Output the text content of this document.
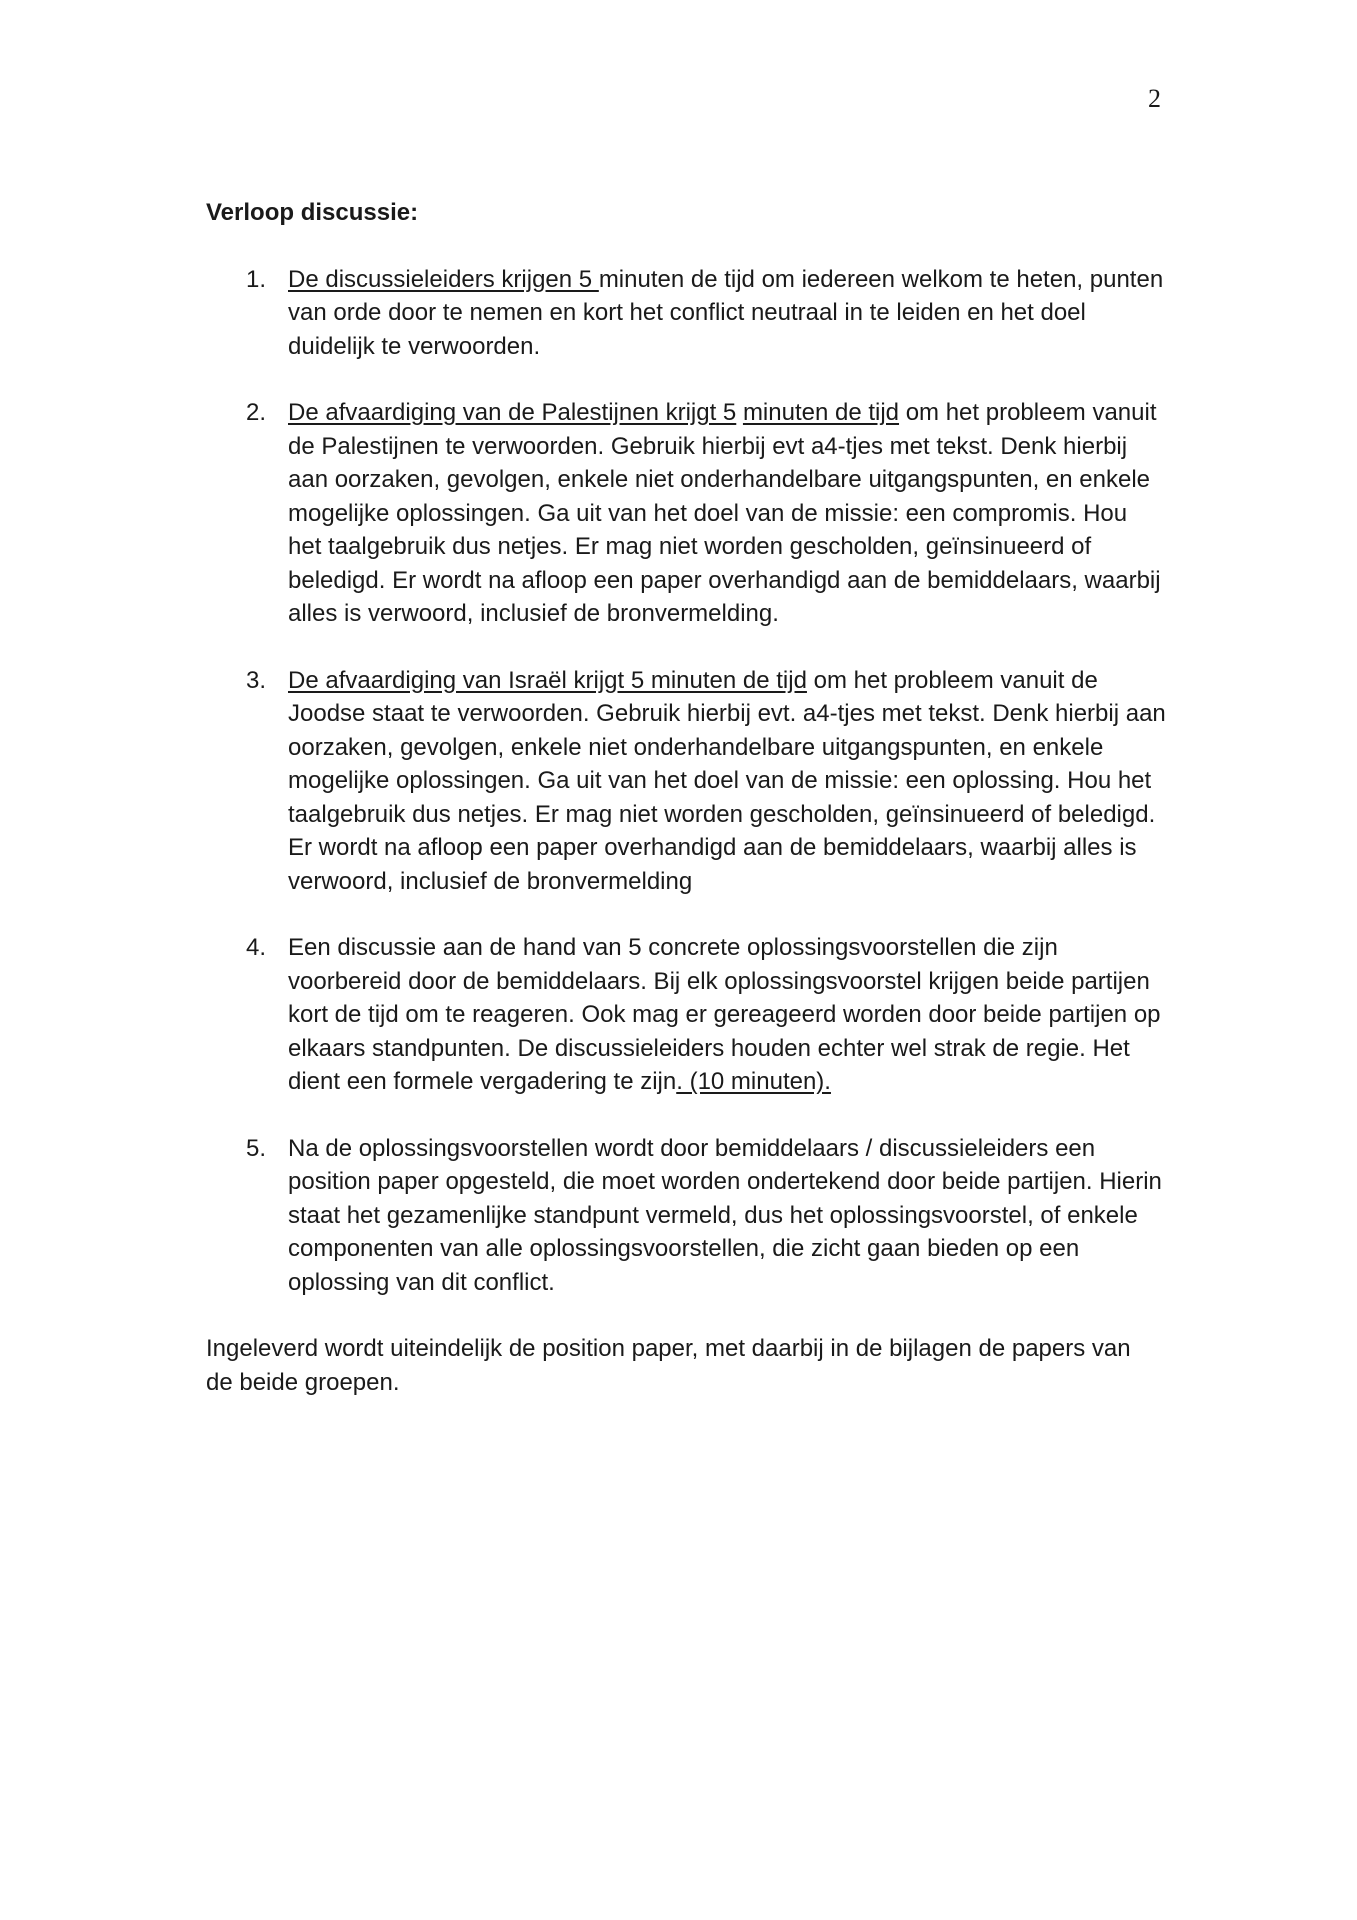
2

Verloop discussie:

1. De discussieleiders krijgen 5 minuten de tijd om iedereen welkom te heten, punten van orde door te nemen en kort het conflict neutraal in te leiden en het doel duidelijk te verwoorden.
2. De afvaardiging van de Palestijnen krijgt 5 minuten de tijd om het probleem vanuit de Palestijnen te verwoorden. Gebruik hierbij evt a4-tjes met tekst. Denk hierbij aan oorzaken, gevolgen, enkele niet onderhandelbare uitgangspunten, en enkele mogelijke oplossingen. Ga uit van het doel van de missie: een compromis. Hou het taalgebruik dus netjes. Er mag niet worden gescholden, geïnsinueerd of beledigd. Er wordt na afloop een paper overhandigd aan de bemiddelaars, waarbij alles is verwoord, inclusief de bronvermelding.
3. De afvaardiging van Israël krijgt 5 minuten de tijd om het probleem vanuit de Joodse staat te verwoorden. Gebruik hierbij evt. a4-tjes met tekst. Denk hierbij aan oorzaken, gevolgen, enkele niet onderhandelbare uitgangspunten, en enkele mogelijke oplossingen. Ga uit van het doel van de missie: een oplossing. Hou het taalgebruik dus netjes. Er mag niet worden gescholden, geïnsinueerd of beledigd. Er wordt na afloop een paper overhandigd aan de bemiddelaars, waarbij alles is verwoord, inclusief de bronvermelding
4. Een discussie aan de hand van 5 concrete oplossingsvoorstellen die zijn voorbereid door de bemiddelaars. Bij elk oplossingsvoorstel krijgen beide partijen kort de tijd om te reageren. Ook mag er gereageerd worden door beide partijen op elkaars standpunten. De discussieleiders houden echter wel strak de regie. Het dient een formele vergadering te zijn. (10 minuten).
5. Na de oplossingsvoorstellen wordt door bemiddelaars / discussieleiders een position paper opgesteld, die moet worden ondertekend door beide partijen. Hierin staat het gezamenlijke standpunt vermeld, dus het oplossingsvoorstel, of enkele componenten van alle oplossingsvoorstellen, die zicht gaan bieden op een oplossing van dit conflict.

Ingeleverd wordt uiteindelijk de position paper, met daarbij in de bijlagen de papers van de beide groepen.
